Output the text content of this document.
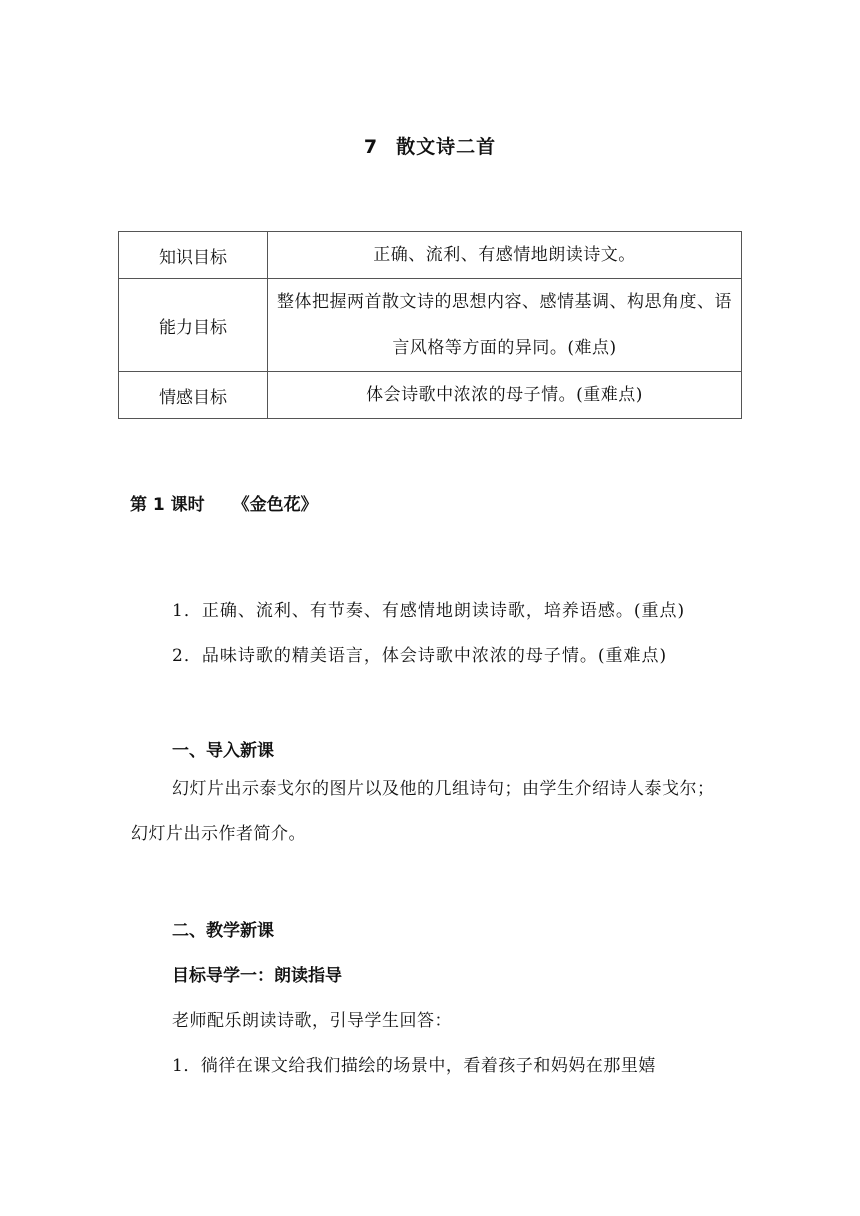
7 散文诗二首
知识目标	正确、流利、有感情地朗读诗文。
能力目标	整体把握两首散文诗的思想内容、感情基调、构思角度、语言风格等方面的异同。(难点)
情感目标	体会诗歌中浓浓的母子情。(重难点)
第 1 课时 《金色花》
1．正确、流利、有节奏、有感情地朗读诗歌，培养语感。(重点)
2．品味诗歌的精美语言，体会诗歌中浓浓的母子情。(重难点)
一、导入新课
幻灯片出示泰戈尔的图片以及他的几组诗句；由学生介绍诗人泰戈尔；幻灯片出示作者简介。
二、教学新课
目标导学一：朗读指导
老师配乐朗读诗歌，引导学生回答：
1．徜徉在课文给我们描绘的场景中，看着孩子和妈妈在那里嬉
